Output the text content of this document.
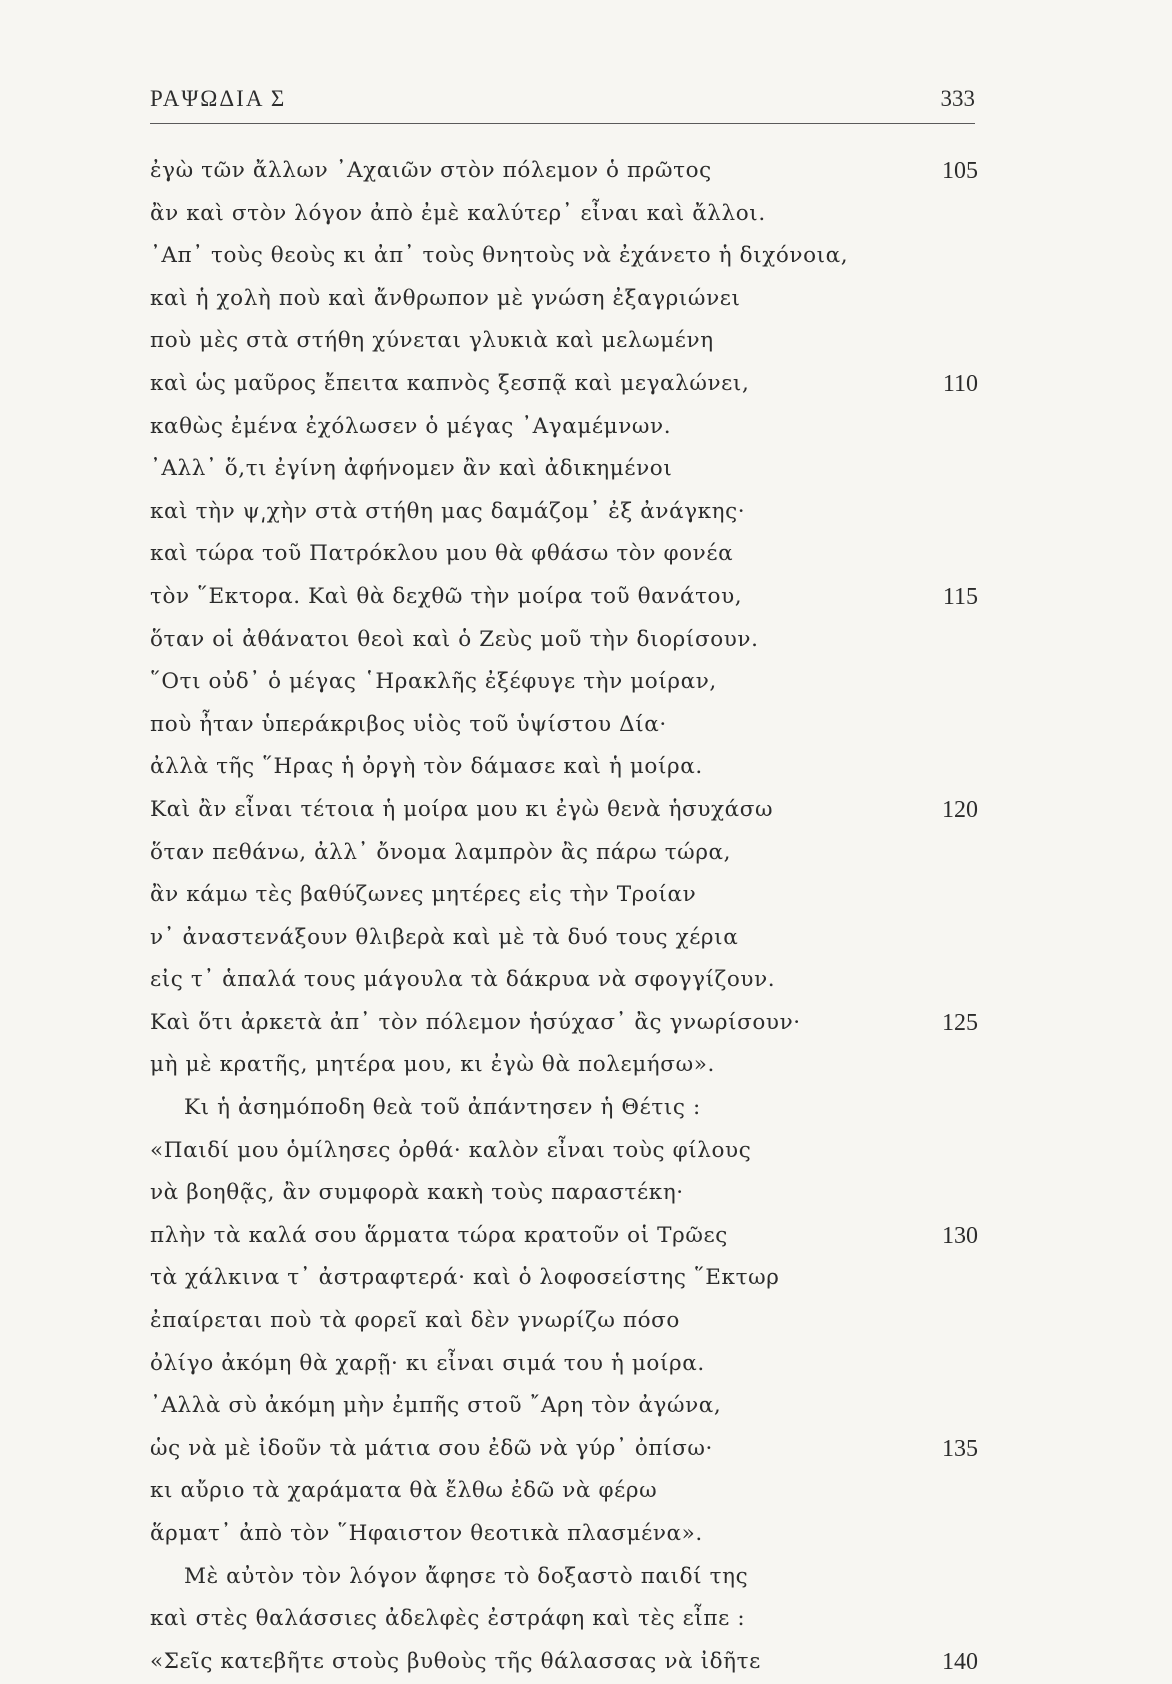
ΡΑΨΩΔΙΑ Σ	333
ἐγὼ τῶν ἄλλων ᾿Αχαιῶν στὸν πόλεμον ὁ πρῶτος	105
ἂν καὶ στὸν λόγον ἀπὸ ἐμὲ καλύτερ᾿ εἶναι καὶ ἄλλοι.
᾿Απ᾿ τοὺς θεοὺς κι ἀπ᾿ τοὺς θνητοὺς νὰ ἐχάνετο ἡ διχόνοια,
καὶ ἡ χολὴ ποὺ καὶ ἄνθρωπον μὲ γνώση ἐξαγριώνει
ποὺ μὲς στὰ στήθη χύνεται γλυκιὰ καὶ μελωμένη
καὶ ὡς μαῦρος ἔπειτα καπνὸς ξεσπᾷ καὶ μεγαλώνει,	110
καθὼς ἐμένα ἐχόλωσεν ὁ μέγας ᾿Αγαμέμνων.
᾿Αλλ᾿ ὅ,τι ἐγίνη ἀφήνομεν ἂν καὶ ἀδικημένοι
καὶ τὴν ψ͵χὴν στὰ στήθη μας δαμάζομ᾿ ἐξ ἀνάγκης·
καὶ τώρα τοῦ Πατρόκλου μου θὰ φθάσω τὸν φονέα
τὸν ῞Εκτορα. Καὶ θὰ δεχθῶ τὴν μοίρα τοῦ θανάτου,	115
ὅταν οἱ ἀθάνατοι θεοὶ καὶ ὁ Ζεὺς μοῦ τὴν διορίσουν.
῞Οτι οὐδ᾿ ὁ μέγας ῾Ηρακλῆς ἐξέφυγε τὴν μοίραν,
ποὺ ἦταν ὑπεράκριβος υἱὸς τοῦ ὑψίστου Δία·
ἀλλὰ τῆς ῞Ηρας ἡ ὀργὴ τὸν δάμασε καὶ ἡ μοίρα.
Καὶ ἂν εἶναι τέτοια ἡ μοίρα μου κι ἐγὼ θενὰ ἡσυχάσω	120
ὅταν πεθάνω, ἀλλ᾿ ὄνομα λαμπρὸν ἂς πάρω τώρα,
ἂν κάμω τὲς βαθύζωνες μητέρες εἰς τὴν Τροίαν
ν᾿ ἀναστενάξουν θλιβερὰ καὶ μὲ τὰ δυό τους χέρια
εἰς τ᾿ ἁπαλά τους μάγουλα τὰ δάκρυα νὰ σφογγίζουν.
Καὶ ὅτι ἀρκετὰ ἀπ᾿ τὸν πόλεμον ἡσύχασ᾿ ἂς γνωρίσουν·	125
μὴ μὲ κρατῆς, μητέρα μου, κι ἐγὼ θὰ πολεμήσω».
Κι ἡ ἀσημόποδη θεὰ τοῦ ἀπάντησεν ἡ Θέτις :
«Παιδί μου ὁμίλησες ὀρθά· καλὸν εἶναι τοὺς φίλους
νὰ βοηθᾷς, ἂν συμφορὰ κακὴ τοὺς παραστέκη·
πλὴν τὰ καλά σου ἅρματα τώρα κρατοῦν οἱ Τρῶες	130
τὰ χάλκινα τ᾿ ἀστραφτερά· καὶ ὁ λοφοσείστης ῞Εκτωρ
ἐπαίρεται ποὺ τὰ φορεῖ καὶ δὲν γνωρίζω πόσο
ὀλίγο ἀκόμη θὰ χαρῇ· κι εἶναι σιμά του ἡ μοίρα.
᾿Αλλὰ σὺ ἀκόμη μὴν ἐμπῆς στοῦ ῎Αρη τὸν ἀγώνα,
ὡς νὰ μὲ ἰδοῦν τὰ μάτια σου ἐδῶ νὰ γύρ᾿ ὀπίσω·	135
κι αὔριο τὰ χαράματα θὰ ἔλθω ἐδῶ νὰ φέρω
ἅρματ᾿ ἀπὸ τὸν ῞Ηφαιστον θεοτικὰ πλασμένα».
Μὲ αὐτὸν τὸν λόγον ἄφησε τὸ δοξαστὸ παιδί της
καὶ στὲς θαλάσσιες ἀδελφὲς ἐστράφη καὶ τὲς εἶπε :
«Σεῖς κατεβῆτε στοὺς βυθοὺς τῆς θάλασσας νὰ ἰδῆτε	140
